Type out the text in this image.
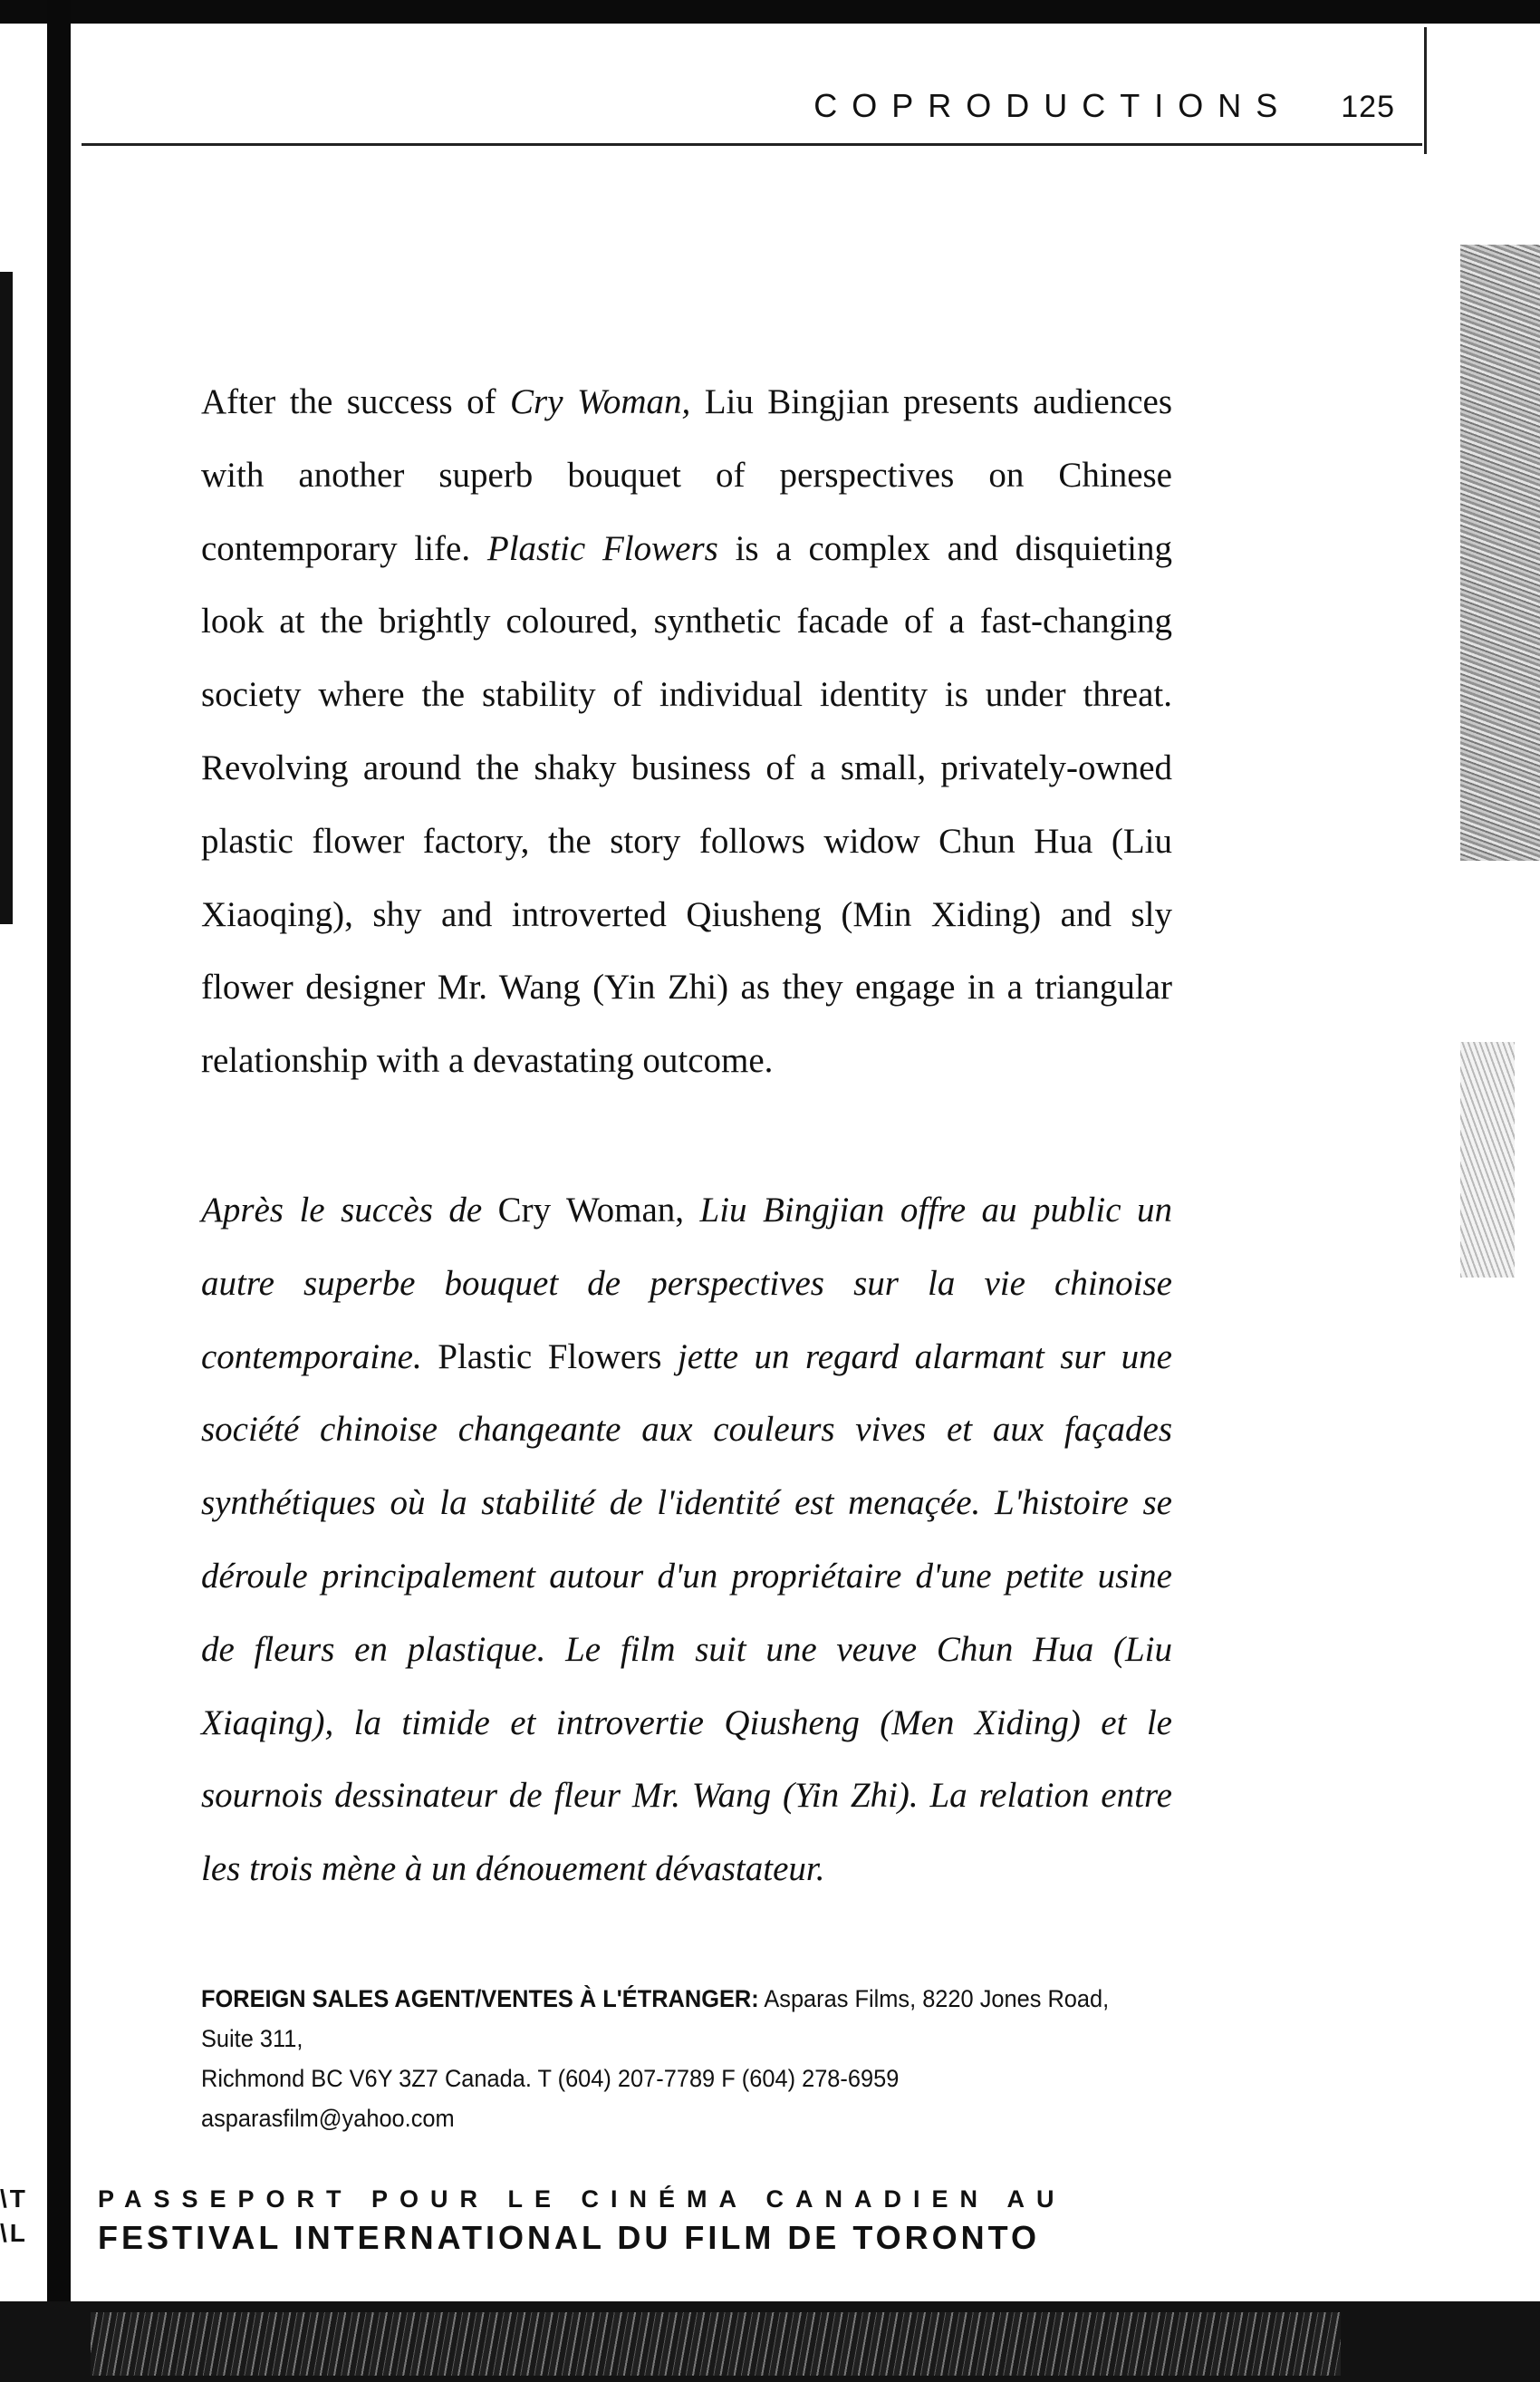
\T
\L
COPRODUCTIONS 125

After the success of Cry Woman, Liu Bingjian presents audiences with another superb bouquet of perspectives on Chinese contemporary life. Plastic Flowers is a complex and disquieting look at the brightly coloured, synthetic facade of a fast-changing society where the stability of individual identity is under threat. Revolving around the shaky business of a small, privately-owned plastic flower factory, the story follows widow Chun Hua (Liu Xiaoqing), shy and introverted Qiusheng (Min Xiding) and sly flower designer Mr. Wang (Yin Zhi) as they engage in a triangular relationship with a devastating outcome.

Après le succès de Cry Woman, Liu Bingjian offre au public un autre superbe bouquet de perspectives sur la vie chinoise contemporaine. Plastic Flowers jette un regard alarmant sur une société chinoise changeante aux couleurs vives et aux façades synthétiques où la stabilité de l'identité est menaçée. L'histoire se déroule principalement autour d'un propriétaire d'une petite usine de fleurs en plastique. Le film suit une veuve Chun Hua (Liu Xiaqing), la timide et introvertie Qiusheng (Men Xiding) et le sournois dessinateur de fleur Mr. Wang (Yin Zhi). La relation entre les trois mène à un dénouement dévastateur.

FOREIGN SALES AGENT/VENTES À L'ÉTRANGER: Asparas Films, 8220 Jones Road, Suite 311,
Richmond BC V6Y 3Z7 Canada. T (604) 207-7789 F (604) 278-6959 asparasfilm@yahoo.com
PASSEPORT POUR LE CINÉMA CANADIEN AU
FESTIVAL INTERNATIONAL DU FILM DE TORONTO
